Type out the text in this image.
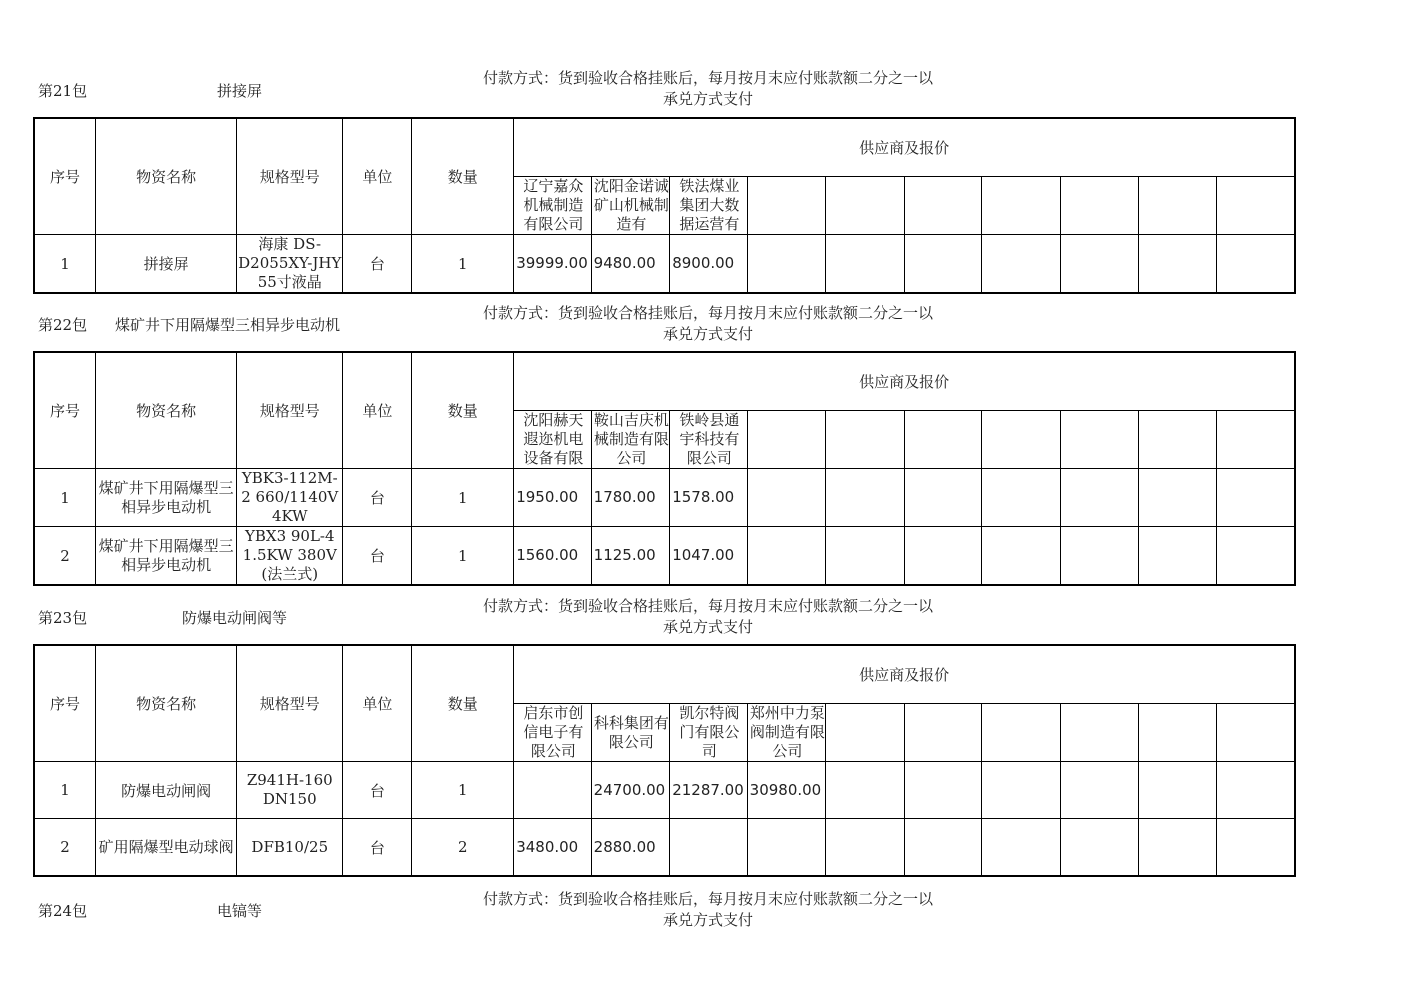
第21包	拼接屏
付款方式：货到验收合格挂账后，每月按月末应付账款额二分之一以承兑方式支付
序号	物资名称	规格型号	单位	数量	供应商及报价									
					辽宁嘉众机械制造有限公司	沈阳金诺诚矿山机械制造有	铁法煤业集团大数据运营有							
1	拼接屏	海康 DS-D2055XY-JHY 55寸液晶	台	1	39999.00	9480.00	8900.00							
第22包 煤矿井下用隔爆型三相异步电动机
付款方式：货到验收合格挂账后，每月按月末应付账款额二分之一以承兑方式支付
序号	物资名称	规格型号	单位	数量	供应商及报价									
					沈阳赫天遐迩机电设备有限	鞍山吉庆机械制造有限公司	铁岭县通宇科技有限公司							
1	煤矿井下用隔爆型三相异步电动机	YBK3-112M-2 660/1140V 4KW	台	1	1950.00	1780.00	1578.00							
2	煤矿井下用隔爆型三相异步电动机	YBX3 90L-4 1.5KW 380V (法兰式)	台	1	1560.00	1125.00	1047.00							
第23包	防爆电动闸阀等
付款方式：货到验收合格挂账后，每月按月末应付账款额二分之一以承兑方式支付
序号	物资名称	规格型号	单位	数量	供应商及报价									
					启东市创信电子有限公司	科科集团有限公司	凯尔特阀门有限公司	郑州中力泵阀制造有限公司						
1	防爆电动闸阀	Z941H-160 DN150	台	1		24700.00	21287.00	30980.00						
2	矿用隔爆型电动球阀	DFB10/25	台	2	3480.00	2880.00								
第24包	电镐等
付款方式：货到验收合格挂账后，每月按月末应付账款额二分之一以承兑方式支付
